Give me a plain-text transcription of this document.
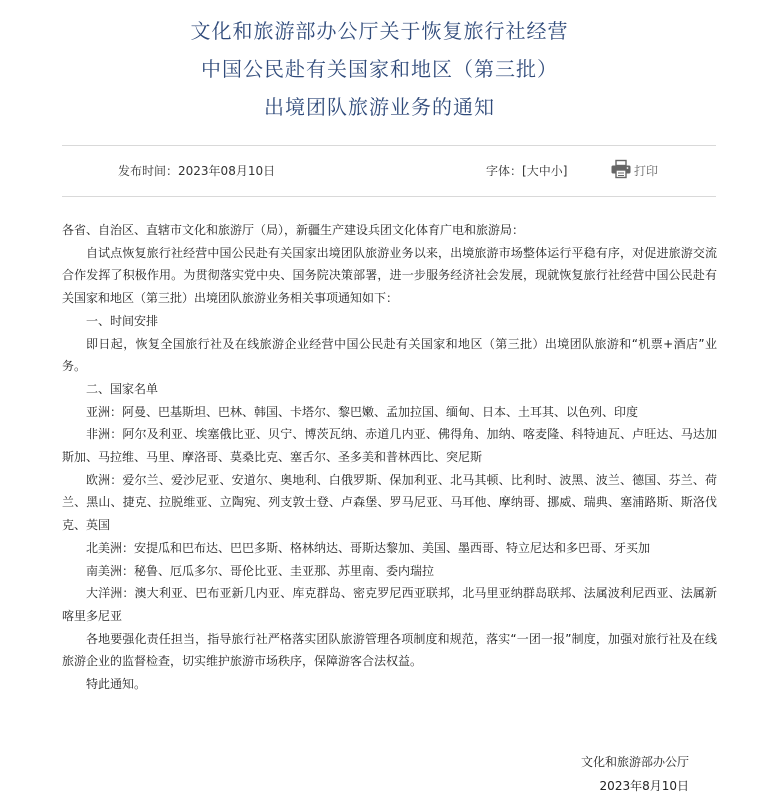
文化和旅游部办公厅关于恢复旅行社经营
中国公民赴有关国家和地区（第三批）
出境团队旅游业务的通知
发布时间：2023年08月10日	字体：[大中小]	打印

各省、自治区、直辖市文化和旅游厅（局），新疆生产建设兵团文化体育广电和旅游局：

自试点恢复旅行社经营中国公民赴有关国家出境团队旅游业务以来，出境旅游市场整体运行平稳有序，对促进旅游交流合作发挥了积极作用。为贯彻落实党中央、国务院决策部署，进一步服务经济社会发展，现就恢复旅行社经营中国公民赴有关国家和地区（第三批）出境团队旅游业务相关事项通知如下：

一、时间安排

即日起，恢复全国旅行社及在线旅游企业经营中国公民赴有关国家和地区（第三批）出境团队旅游和“机票+酒店”业务。

二、国家名单

亚洲：阿曼、巴基斯坦、巴林、韩国、卡塔尔、黎巴嫩、孟加拉国、缅甸、日本、土耳其、以色列、印度

非洲：阿尔及利亚、埃塞俄比亚、贝宁、博茨瓦纳、赤道几内亚、佛得角、加纳、喀麦隆、科特迪瓦、卢旺达、马达加斯加、马拉维、马里、摩洛哥、莫桑比克、塞舌尔、圣多美和普林西比、突尼斯

欧洲：爱尔兰、爱沙尼亚、安道尔、奥地利、白俄罗斯、保加利亚、北马其顿、比利时、波黑、波兰、德国、芬兰、荷兰、黑山、捷克、拉脱维亚、立陶宛、列支敦士登、卢森堡、罗马尼亚、马耳他、摩纳哥、挪威、瑞典、塞浦路斯、斯洛伐克、英国

北美洲：安提瓜和巴布达、巴巴多斯、格林纳达、哥斯达黎加、美国、墨西哥、特立尼达和多巴哥、牙买加

南美洲：秘鲁、厄瓜多尔、哥伦比亚、圭亚那、苏里南、委内瑞拉

大洋洲：澳大利亚、巴布亚新几内亚、库克群岛、密克罗尼西亚联邦，北马里亚纳群岛联邦、法属波利尼西亚、法属新喀里多尼亚

各地要强化责任担当，指导旅行社严格落实团队旅游管理各项制度和规范，落实“一团一报”制度，加强对旅行社及在线旅游企业的监督检查，切实维护旅游市场秩序，保障游客合法权益。

特此通知。

文化和旅游部办公厅
2023年8月10日
